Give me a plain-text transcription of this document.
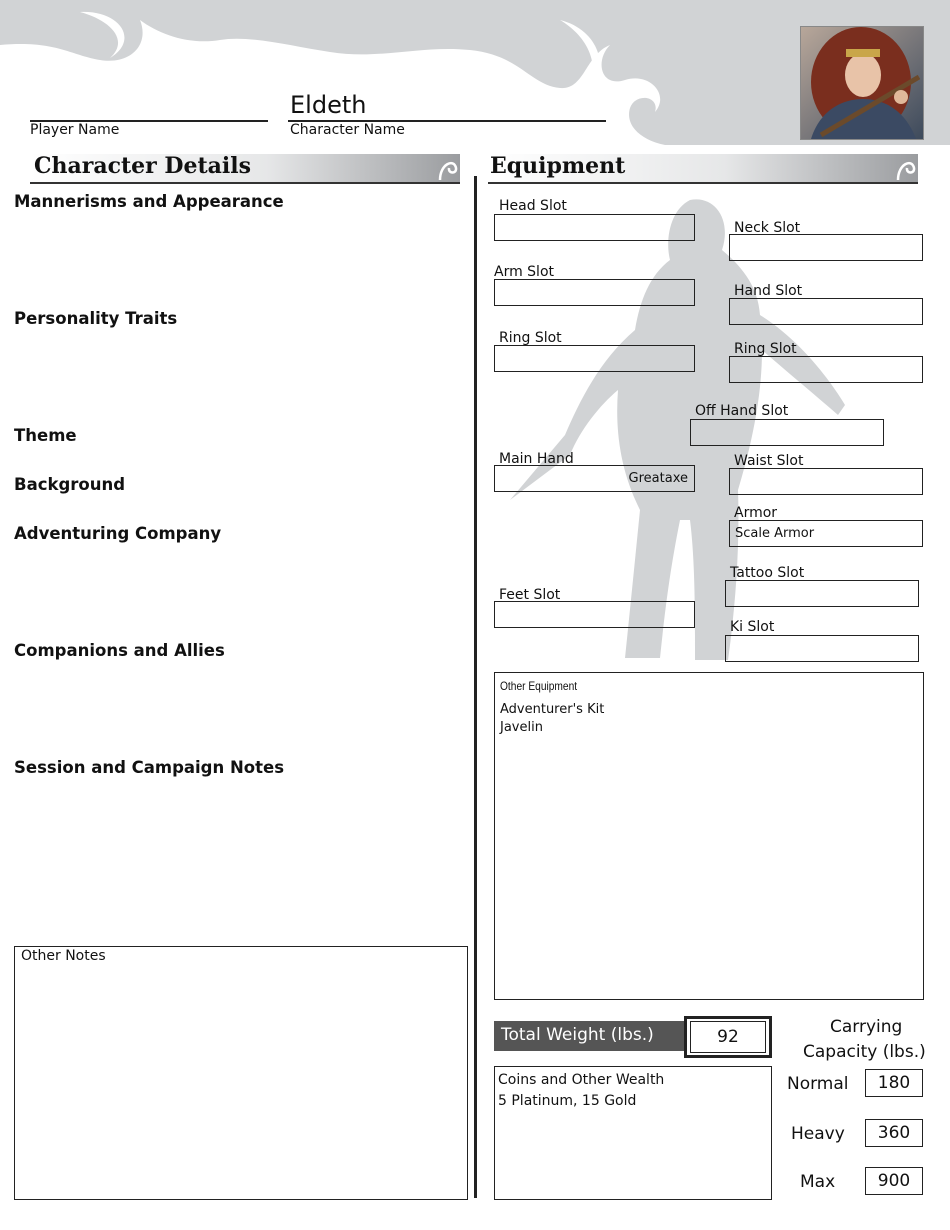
Player Name
Eldeth
Character Name
Character Details	Equipment
Mannerisms and Appearance
Personality Traits
Theme
Background
Adventuring Company
Companions and Allies
Session and Campaign Notes
Other Notes
Head Slot
Neck Slot
Arm Slot
Hand Slot
Ring Slot
Ring Slot
Off Hand Slot
Main Hand
Greataxe
Waist Slot
Armor
Scale Armor
Tattoo Slot
Feet Slot
Ki Slot
Other Equipment
Adventurer's Kit
Javelin
Total Weight (lbs.)	92
Coins and Other Wealth
5 Platinum, 15 Gold
Carrying
Capacity (lbs.)
Normal	180
Heavy	360
Max	900
